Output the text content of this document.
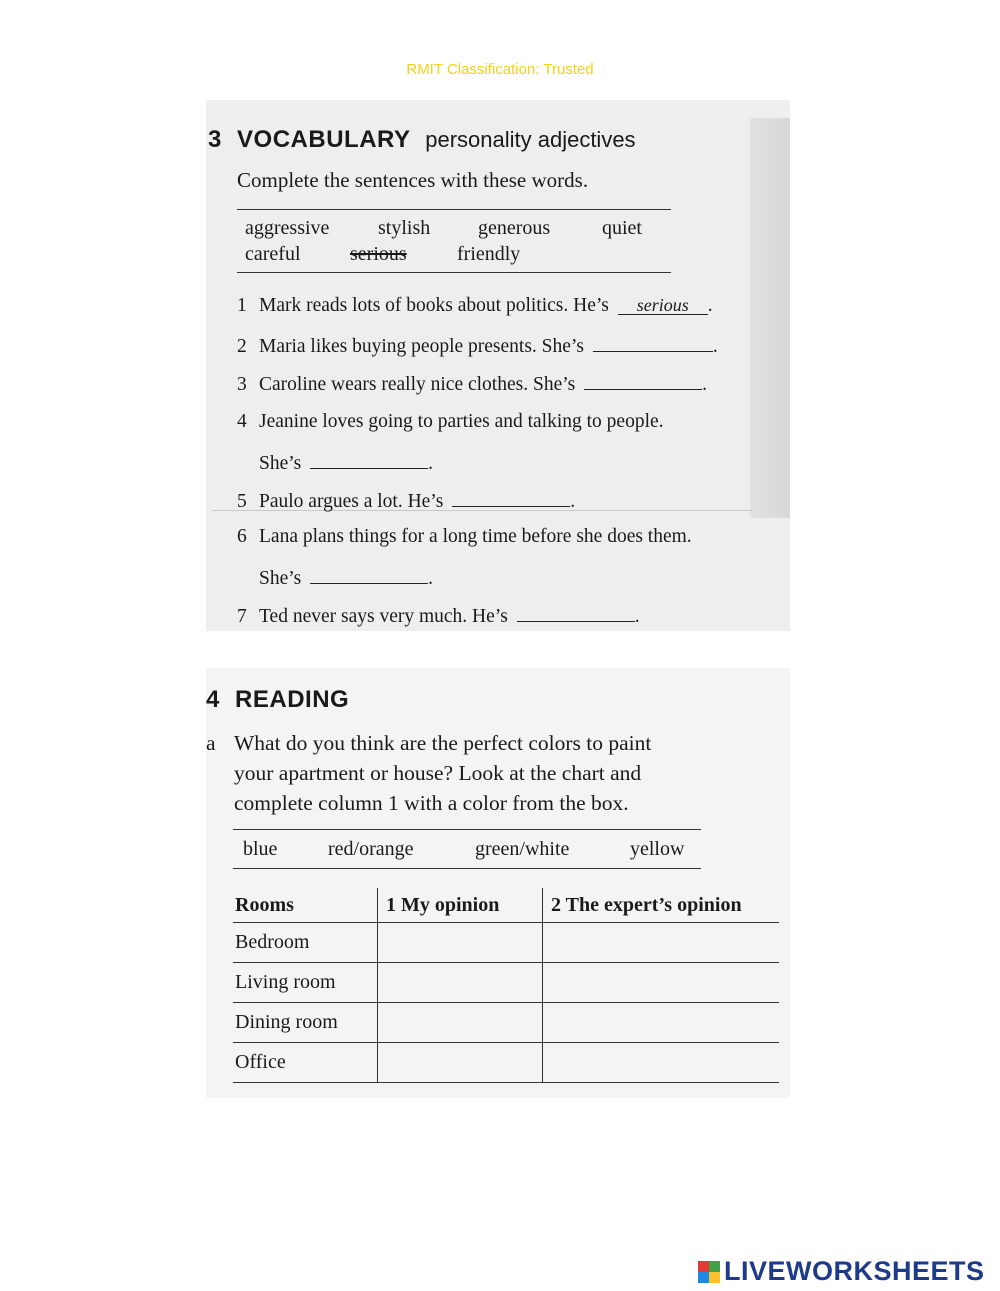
RMIT Classification: Trusted
3 VOCABULARY personality adjectives
Complete the sentences with these words.
aggressive stylish generous	quiet
careful serious	friendly
1 Mark reads lots of books about politics. He’s serious .
2 Maria likes buying people presents. She’s	.
3 Caroline wears really nice clothes. She’s	.
4 Jeanine loves going to parties and talking to people.
She’s	.
5 Paulo argues a lot. He’s	.
6 Lana plans things for a long time before she does them.
She’s	.
7 Ted never says very much. He’s	.
4 READING
a What do you think are the perfect colors to paint
your apartment or house? Look at the chart and
complete column 1 with a color from the box.
blue	red/orange	green/white	yellow
Rooms	1 My opinion	2 The expert’s opinion
Bedroom		
Living room		
Dining room		
Office		
LIVEWORKSHEETS
